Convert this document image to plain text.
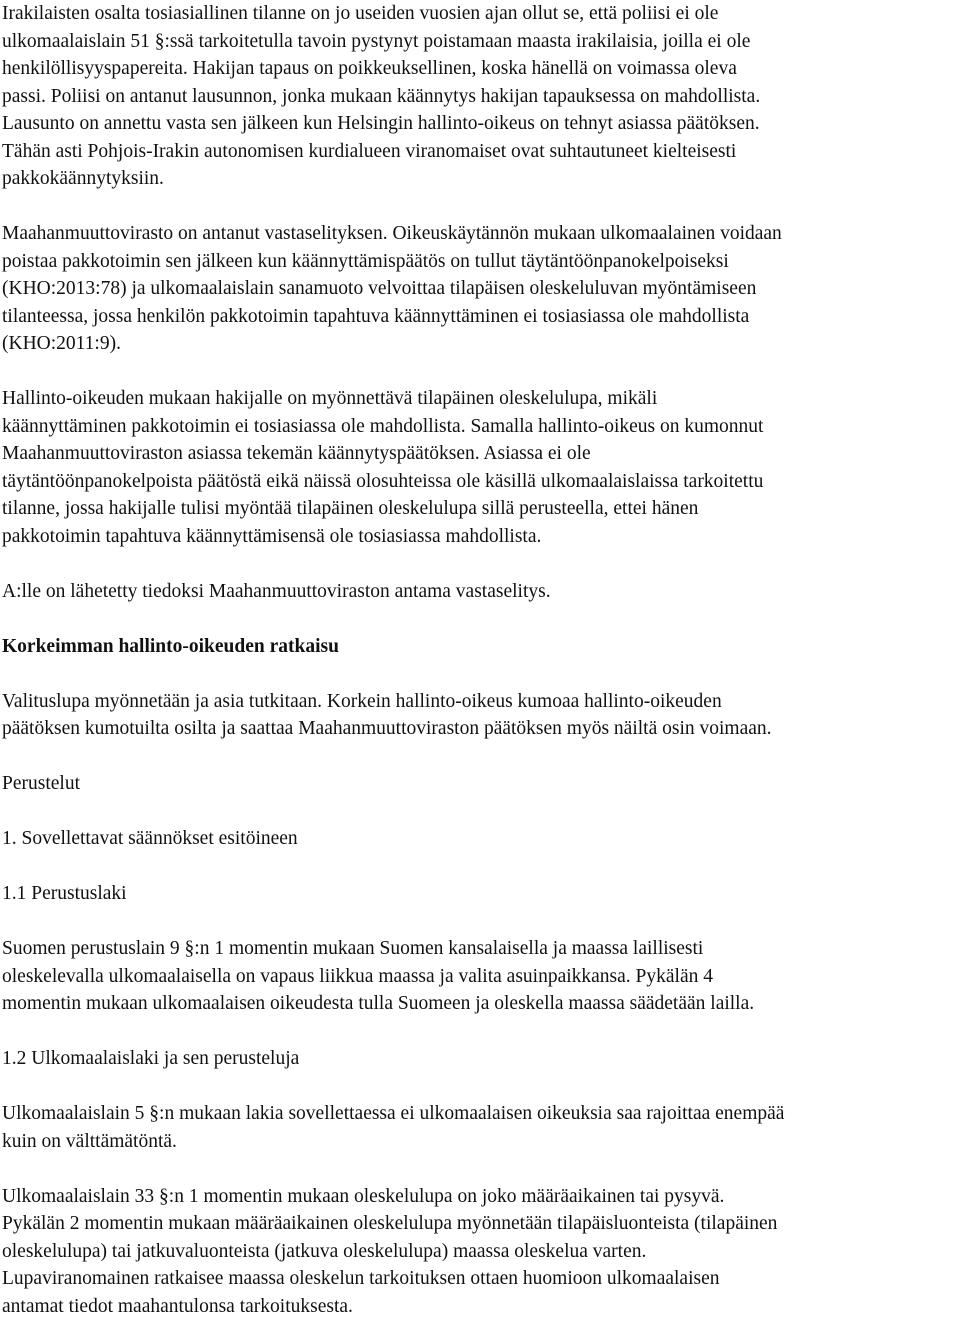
Irakilaisten osalta tosiasiallinen tilanne on jo useiden vuosien ajan ollut se, että poliisi ei ole
ulkomaalaislain 51 §:ssä tarkoitetulla tavoin pystynyt poistamaan maasta irakilaisia, joilla ei ole
henkilöllisyyspapereita. Hakijan tapaus on poikkeuksellinen, koska hänellä on voimassa oleva
passi. Poliisi on antanut lausunnon, jonka mukaan käännytys hakijan tapauksessa on mahdollista.
Lausunto on annettu vasta sen jälkeen kun Helsingin hallinto-oikeus on tehnyt asiassa päätöksen.
Tähän asti Pohjois-Irakin autonomisen kurdialueen viranomaiset ovat suhtautuneet kielteisesti
pakkokäännytyksiin.
Maahanmuuttovirasto on antanut vastaselityksen. Oikeuskäytännön mukaan ulkomaalainen voidaan
poistaa pakkotoimin sen jälkeen kun käännyttämispäätös on tullut täytäntöönpanokelpoiseksi
(KHO:2013:78) ja ulkomaalaislain sanamuoto velvoittaa tilapäisen oleskeluluvan myöntämiseen
tilanteessa, jossa henkilön pakkotoimin tapahtuva käännyttäminen ei tosiasiassa ole mahdollista
(KHO:2011:9).
Hallinto-oikeuden mukaan hakijalle on myönnettävä tilapäinen oleskelulupa, mikäli
käännyttäminen pakkotoimin ei tosiasiassa ole mahdollista. Samalla hallinto-oikeus on kumonnut
Maahanmuuttoviraston asiassa tekemän käännytyspäätöksen. Asiassa ei ole
täytäntöönpanokelpoista päätöstä eikä näissä olosuhteissa ole käsillä ulkomaalaislaissa tarkoitettu
tilanne, jossa hakijalle tulisi myöntää tilapäinen oleskelulupa sillä perusteella, ettei hänen
pakkotoimin tapahtuva käännyttämisensä ole tosiasiassa mahdollista.
A:lle on lähetetty tiedoksi Maahanmuuttoviraston antama vastaselitys.
Korkeimman hallinto-oikeuden ratkaisu
Valituslupa myönnetään ja asia tutkitaan. Korkein hallinto-oikeus kumoaa hallinto-oikeuden
päätöksen kumotuilta osilta ja saattaa Maahanmuuttoviraston päätöksen myös näiltä osin voimaan.
Perustelut
1. Sovellettavat säännökset esitöineen
1.1 Perustuslaki
Suomen perustuslain 9 §:n 1 momentin mukaan Suomen kansalaisella ja maassa laillisesti
oleskelevalla ulkomaalaisella on vapaus liikkua maassa ja valita asuinpaikkansa. Pykälän 4
momentin mukaan ulkomaalaisen oikeudesta tulla Suomeen ja oleskella maassa säädetään lailla.
1.2 Ulkomaalaislaki ja sen perusteluja
Ulkomaalaislain 5 §:n mukaan lakia sovellettaessa ei ulkomaalaisen oikeuksia saa rajoittaa enempää
kuin on välttämätöntä.
Ulkomaalaislain 33 §:n 1 momentin mukaan oleskelulupa on joko määräaikainen tai pysyvä.
Pykälän 2 momentin mukaan määräaikainen oleskelulupa myönnetään tilapäisluonteista (tilapäinen
oleskelulupa) tai jatkuvaluonteista (jatkuva oleskelulupa) maassa oleskelua varten.
Lupaviranomainen ratkaisee maassa oleskelun tarkoituksen ottaen huomioon ulkomaalaisen
antamat tiedot maahantulonsa tarkoituksesta.
